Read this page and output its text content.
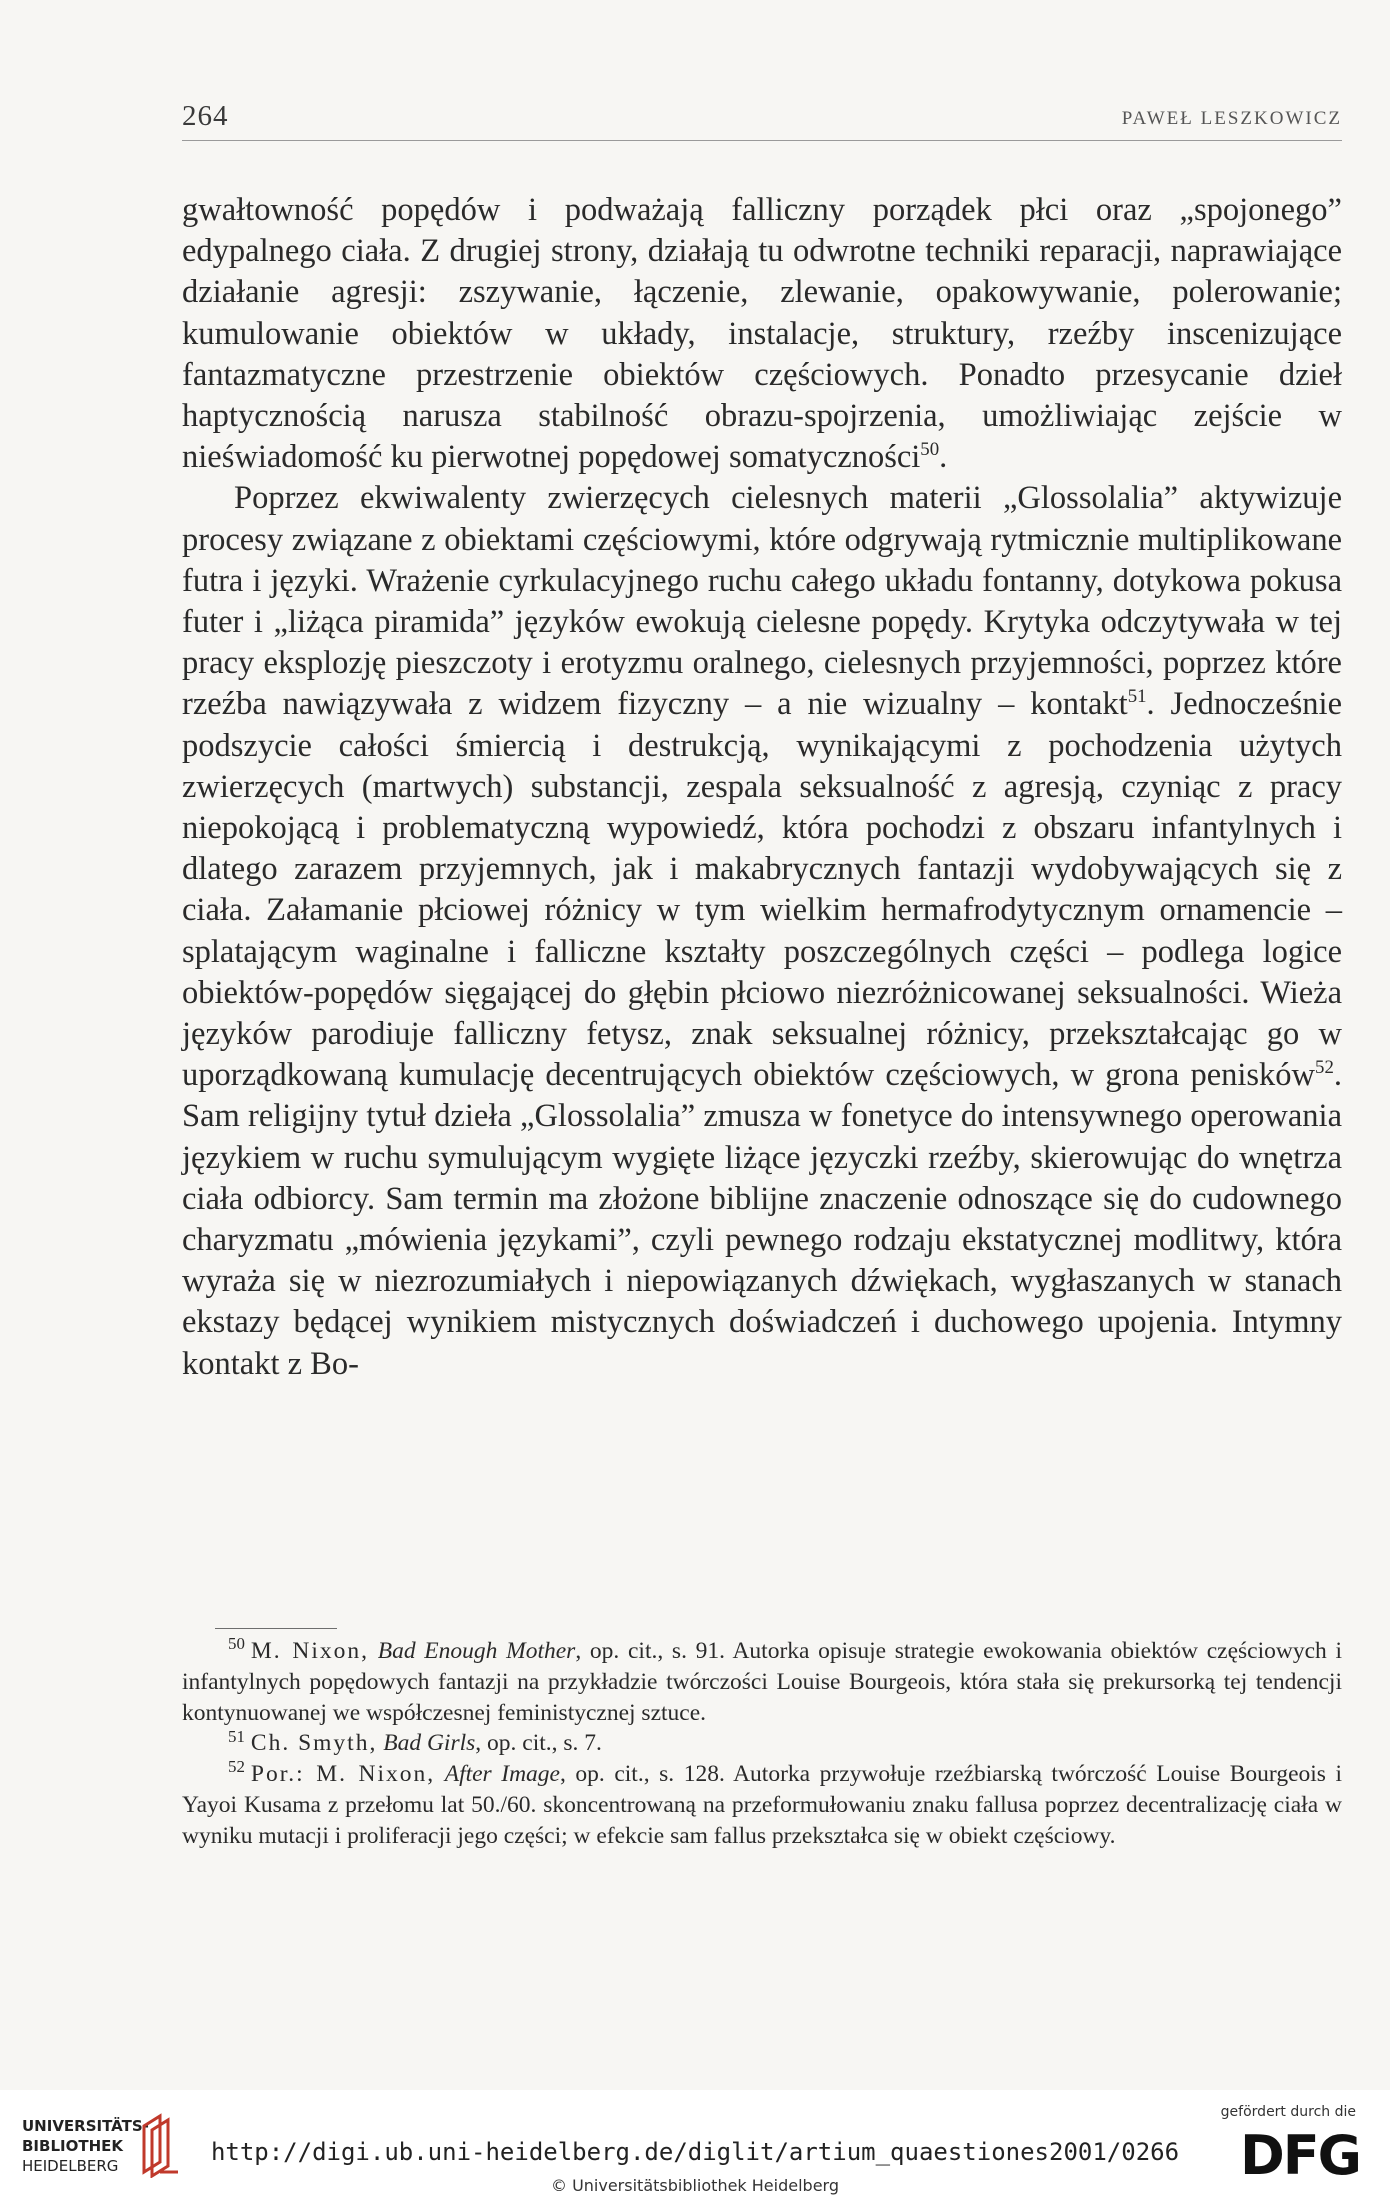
264	PAWEŁ LESZKOWICZ

gwałtowność popędów i podważają falliczny porządek płci oraz „spojonego” edypalnego ciała. Z drugiej strony, działają tu odwrotne techniki reparacji, naprawiające działanie agresji: zszywanie, łączenie, zlewanie, opakowywanie, polerowanie; kumulowanie obiektów w układy, instalacje, struktury, rzeźby inscenizujące fantazmatyczne przestrzenie obiektów częściowych. Ponadto przesycanie dzieł haptycznością narusza stabilność obrazu-spojrzenia, umożliwiając zejście w nieświadomość ku pierwotnej popędowej somatyczności$^{50}$.

Poprzez ekwiwalenty zwierzęcych cielesnych materii „Glossolalia” aktywizuje procesy związane z obiektami częściowymi, które odgrywają rytmicznie multiplikowane futra i języki. Wrażenie cyrkulacyjnego ruchu całego układu fontanny, dotykowa pokusa futer i „liżąca piramida” języków ewokują cielesne popędy. Krytyka odczytywała w tej pracy eksplozję pieszczoty i erotyzmu oralnego, cielesnych przyjemności, poprzez które rzeźba nawiązywała z widzem fizyczny – a nie wizualny – kontakt$^{51}$. Jednocześnie podszycie całości śmiercią i destrukcją, wynikającymi z pochodzenia użytych zwierzęcych (martwych) substancji, zespala seksualność z agresją, czyniąc z pracy niepokojącą i problematyczną wypowiedź, która pochodzi z obszaru infantylnych i dlatego zarazem przyjemnych, jak i makabrycznych fantazji wydobywających się z ciała. Załamanie płciowej różnicy w tym wielkim hermafrodytycznym ornamencie – splatającym waginalne i falliczne kształty poszczególnych części – podlega logice obiektów-popędów sięgającej do głębin płciowo niezróżnicowanej seksualności. Wieża języków parodiuje falliczny fetysz, znak seksualnej różnicy, przekształcając go w uporządkowaną kumulację decentrujących obiektów częściowych, w grona penisków$^{52}$. Sam religijny tytuł dzieła „Glossolalia” zmusza w fonetyce do intensywnego operowania językiem w ruchu symulującym wygięte liżące języczki rzeźby, skierowując do wnętrza ciała odbiorcy. Sam termin ma złożone biblijne znaczenie odnoszące się do cudownego charyzmatu „mówienia językami”, czyli pewnego rodzaju ekstatycznej modlitwy, która wyraża się w niezrozumiałych i niepowiązanych dźwiękach, wygłaszanych w stanach ekstazy będącej wynikiem mistycznych doświadczeń i duchowego upojenia. Intymny kontakt z Bo-

$^{50}$ M. Nixon, Bad Enough Mother, op. cit., s. 91. Autorka opisuje strategie ewokowania obiektów częściowych i infantylnych popędowych fantazji na przykładzie twórczości Louise Bourgeois, która stała się prekursorką tej tendencji kontynuowanej we współczesnej feministycznej sztuce.

$^{51}$ Ch. Smyth, Bad Girls, op. cit., s. 7.

$^{52}$ Por.: M. Nixon, After Image, op. cit., s. 128. Autorka przywołuje rzeźbiarską twórczość Louise Bourgeois i Yayoi Kusama z przełomu lat 50./60. skoncentrowaną na przeformułowaniu znaku fallusa poprzez decentralizację ciała w wyniku mutacji i proliferacji jego części; w efekcie sam fallus przekształca się w obiekt częściowy.

UNIVERSITÄTS-
BIBLIOTHEK
HEIDELBERG	http://digi.ub.uni-heidelberg.de/diglit/artium_quaestiones2001/0266
© Universitätsbibliothek Heidelberg
gefördert durch die
DFG
